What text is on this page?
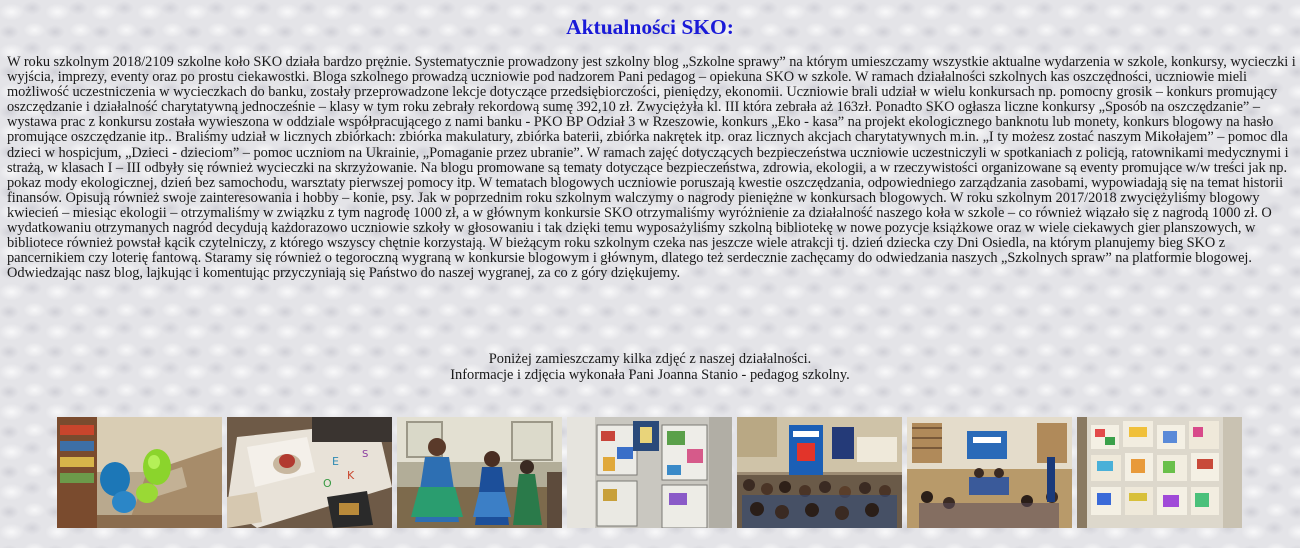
Aktualności SKO:

W roku szkolnym 2018/2109 szkolne koło SKO działa bardzo prężnie. Systematycznie prowadzony jest szkolny blog „Szkolne sprawy” na którym umieszczamy wszystkie aktualne wydarzenia w szkole, konkursy, wycieczki i wyjścia, imprezy, eventy oraz po prostu ciekawostki. Bloga szkolnego prowadzą uczniowie pod nadzorem Pani pedagog – opiekuna SKO w szkole. W ramach działalności szkolnych kas oszczędności, uczniowie mieli możliwość uczestniczenia w wycieczkach do banku, zostały przeprowadzone lekcje dotyczące przedsiębiorczości, pieniędzy, ekonomii. Uczniowie brali udział w wielu konkursach np. pomocny grosik – konkurs promujący oszczędzanie i działalność charytatywną jednocześnie – klasy w tym roku zebrały rekordową sumę 392,10 zł. Zwyciężyła kl. III która zebrała aż 163zł. Ponadto SKO ogłasza liczne konkursy „Sposób na oszczędzanie” – wystawa prac z konkursu została wywieszona w oddziale współpracującego z nami banku - PKO BP Odział 3 w Rzeszowie, konkurs „Eko - kasa” na projekt ekologicznego banknotu lub monety, konkurs blogowy na hasło promujące oszczędzanie itp.. Braliśmy udział w licznych zbiórkach: zbiórka makulatury, zbiórka baterii, zbiórka nakrętek itp. oraz licznych akcjach charytatywnych m.in. „I ty możesz zostać naszym Mikołajem” – pomoc dla dzieci w hospicjum, „Dzieci - dzieciom” – pomoc uczniom na Ukrainie, „Pomaganie przez ubranie”. W ramach zajęć dotyczących bezpieczeństwa uczniowie uczestniczyli w spotkaniach z policją, ratownikami medycznymi i strażą, w klasach I – III odbyły się również wycieczki na skrzyżowanie. Na blogu promowane są tematy dotyczące bezpieczeństwa, zdrowia, ekologii, a w rzeczywistości organizowane są eventy promujące w/w treści jak np. pokaz mody ekologicznej, dzień bez samochodu, warsztaty pierwszej pomocy itp. W tematach blogowych uczniowie poruszają kwestie oszczędzania, odpowiedniego zarządzania zasobami, wypowiadają się na temat historii finansów. Opisują również swoje zainteresowania i hobby – konie, psy. Jak w poprzednim roku szkolnym walczymy o nagrody pieniężne w konkursach blogowych. W roku szkolnym 2017/2018 zwyciężyliśmy blogowy kwiecień – miesiąc ekologii – otrzymaliśmy w związku z tym nagrodę 1000 zł, a w głównym konkursie SKO otrzymaliśmy wyróżnienie za działalność naszego koła w szkole – co również wiązało się z nagrodą 1000 zł. O wydatkowaniu otrzymanych nagród decydują każdorazowo uczniowie szkoły w głosowaniu i tak dzięki temu wyposażyliśmy szkolną bibliotekę w nowe pozycje książkowe oraz w wiele ciekawych gier planszowych, w bibliotece również powstał kącik czytelniczy, z którego wszyscy chętnie korzystają. W bieżącym roku szkolnym czeka nas jeszcze wiele atrakcji tj. dzień dziecka czy Dni Osiedla, na którym planujemy bieg SKO z pancernikiem czy loterię fantową. Staramy się również o tegoroczną wygraną w konkursie blogowym i głównym, dlatego też serdecznie zachęcamy do odwiedzania naszych „Szkolnych spraw” na platformie blogowej. Odwiedzając nasz blog, lajkując i komentując przyczyniają się Państwo do naszej wygranej, za co z góry dziękujemy.

Poniżej zamieszczamy kilka zdjęć z naszej działalności.
Informacje i zdjęcia wykonała Pani Joanna Stanio - pedagog szkolny.
E
K
O
S
